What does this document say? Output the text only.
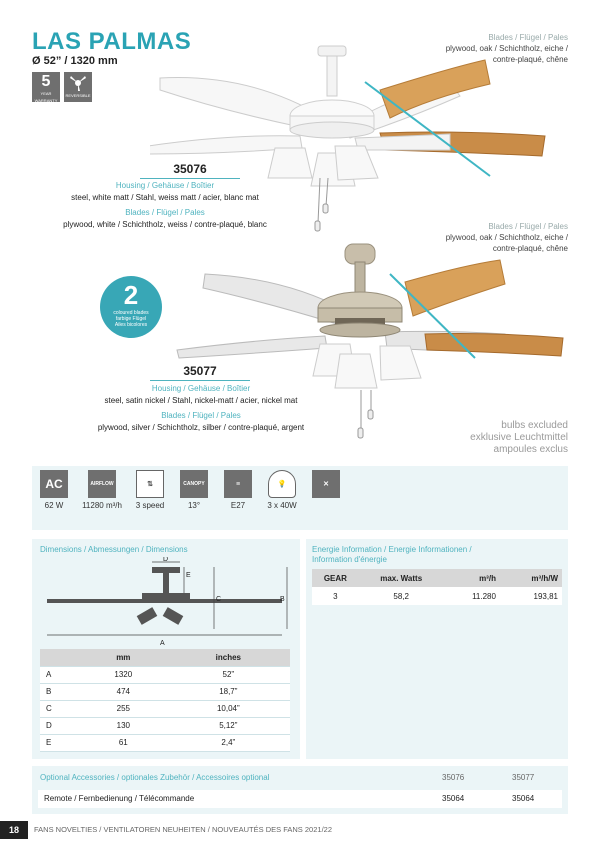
LAS PALMAS
Ø 52” / 1320 mm
5
YEAR WARRANTY
REVERSIBLE
Blades / Flügel / Pales
plywood, oak / Schichtholz, eiche /
contre-plaqué, chêne
35076
Housing / Gehäuse / Boîtier
steel, white matt / Stahl, weiss matt / acier, blanc mat
Blades / Flügel / Pales
plywood, white / Schichtholz, weiss / contre-plaqué, blanc	Blades / Flügel / Pales
plywood, oak / Schichtholz, eiche /
contre-plaqué, chêne
2
coloured blades
farbige Flügel
Ailes bicolores
35077
Housing / Gehäuse / Boîtier
steel, satin nickel / Stahl, nickel-matt / acier, nickel mat
Blades / Flügel / Pales
plywood, silver / Schichtholz, silber / contre-plaqué, argent	bulbs excluded
exklusive Leuchtmittel
ampoules exclus
AC
62 W
AIRFLOW
11280 m³/h
⇅
3 speed
CANOPY
13°
≡
E27
💡
3 x 40W
✕
Dimensions / Abmessungen / Dimensions
D
E
C	B
A
	mm	inches
A	1320	52”
B	474	18,7”
C	255	10,04”
D	130	5,12”
E	61	2,4”
Energie Information / Energie Informationen /
Information d'énergie
GEAR	max. Watts	m³/h	m³/h/W
3	58,2	11.280	193,81
Optional Accessories / optionales Zubehör / Accessoires optional	35076	35077
Remote / Fernbedienung / Télécommande	35064	35064
18	FANS NOVELTIES / VENTILATOREN NEUHEITEN / NOUVEAUTÉS DES FANS 2021/22
